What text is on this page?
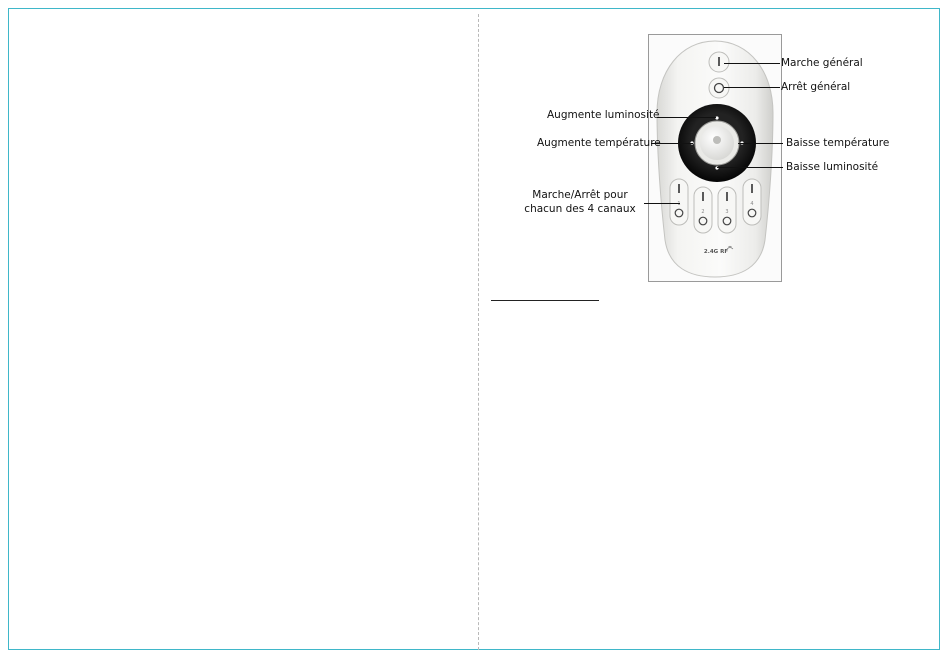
1
2	3
4
2.4G RF
Marche général
Arrêt général
Augmente luminosité
Augmente température	Baisse température
Baisse luminosité
Marche/Arrêt pour chacun des 4 canaux
